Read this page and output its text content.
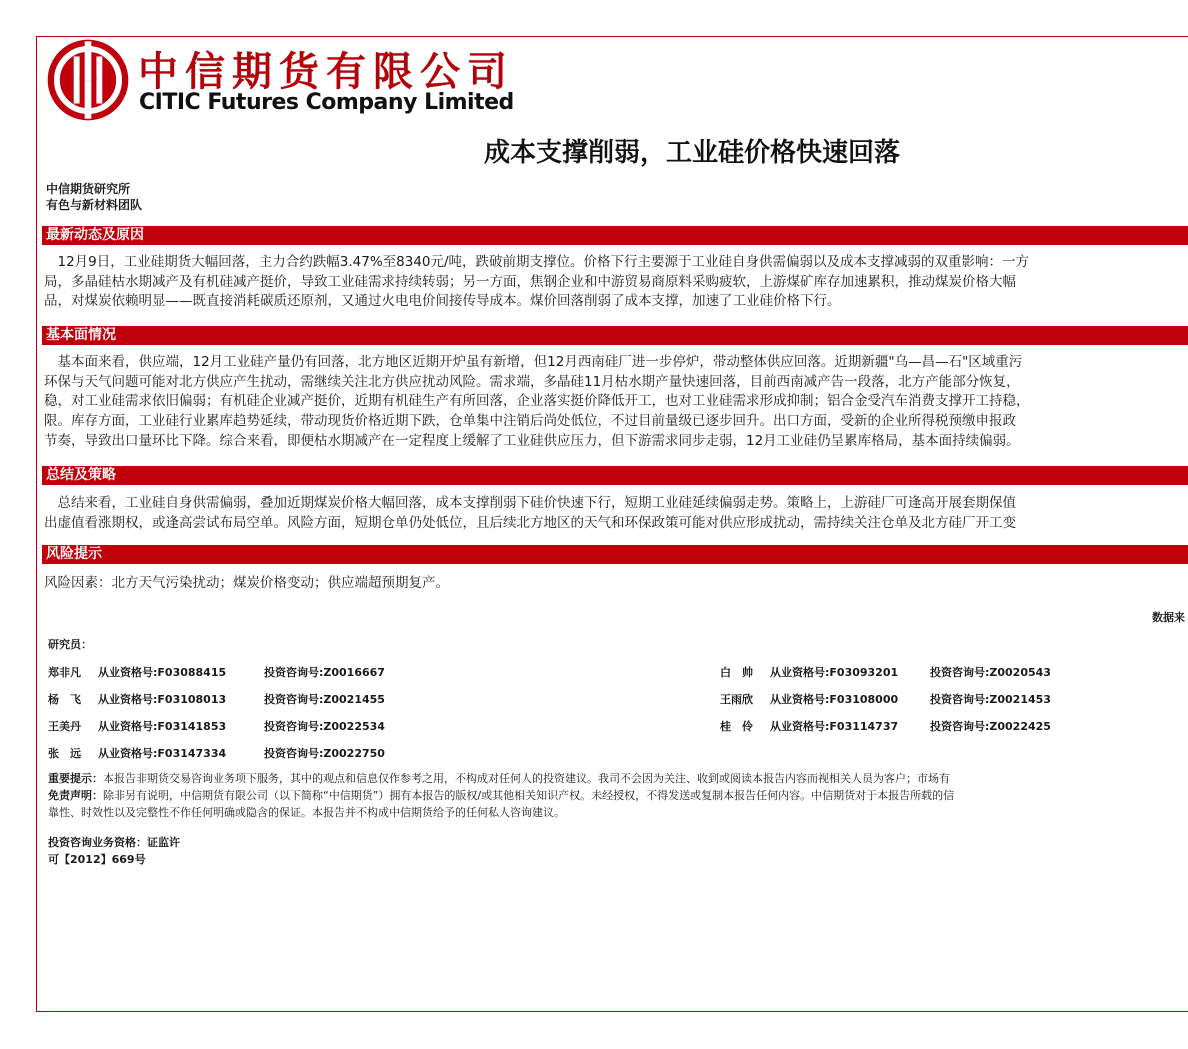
中信期货有限公司
CITIC Futures Company Limited
成本支撑削弱，工业硅价格快速回落
中信期货研究所
有色与新材料团队
最新动态及原因
　12月9日，工业硅期货大幅回落，主力合约跌幅3.47%至8340元/吨，跌破前期支撑位。价格下行主要源于工业硅自身供需偏弱以及成本支撑减弱的双重影响：一方
局，多晶硅枯水期减产及有机硅减产挺价，导致工业硅需求持续转弱；另一方面，焦钢企业和中游贸易商原料采购疲软，上游煤矿库存加速累积，推动煤炭价格大幅
品，对煤炭依赖明显——既直接消耗碳质还原剂，又通过火电电价间接传导成本。煤价回落削弱了成本支撑，加速了工业硅价格下行。
基本面情况
　基本面来看，供应端，12月工业硅产量仍有回落，北方地区近期开炉虽有新增，但12月西南硅厂进一步停炉，带动整体供应回落。近期新疆"乌—昌—石"区域重污
环保与天气问题可能对北方供应产生扰动，需继续关注北方供应扰动风险。需求端，多晶硅11月枯水期产量快速回落，目前西南减产告一段落，北方产能部分恢复，
稳，对工业硅需求依旧偏弱；有机硅企业减产挺价，近期有机硅生产有所回落，企业落实挺价降低开工，也对工业硅需求形成抑制；铝合金受汽车消费支撑开工持稳，
限。库存方面，工业硅行业累库趋势延续，带动现货价格近期下跌，仓单集中注销后尚处低位，不过目前量级已逐步回升。出口方面，受新的企业所得税预缴申报政
节奏，导致出口量环比下降。综合来看，即便枯水期减产在一定程度上缓解了工业硅供应压力，但下游需求同步走弱，12月工业硅仍呈累库格局，基本面持续偏弱。
总结及策略
　总结来看，工业硅自身供需偏弱，叠加近期煤炭价格大幅回落，成本支撑削弱下硅价快速下行，短期工业硅延续偏弱走势。策略上，上游硅厂可逢高开展套期保值
出虚值看涨期权，或逢高尝试布局空单。风险方面，短期仓单仍处低位，且后续北方地区的天气和环保政策可能对供应形成扰动，需持续关注仓单及北方硅厂开工变
风险提示
风险因素：北方天气污染扰动；煤炭价格变动；供应端超预期复产。
数据来
研究员：
郑非凡 从业资格号:F03088415	投资咨询号:Z0016667
杨　飞 从业资格号:F03108013	投资咨询号:Z0021455
王美丹 从业资格号:F03141853	投资咨询号:Z0022534
张　远 从业资格号:F03147334	投资咨询号:Z0022750
白　帅 从业资格号:F03093201	投资咨询号:Z0020543
王雨欣 从业资格号:F03108000	投资咨询号:Z0021453
桂　伶 从业资格号:F03114737	投资咨询号:Z0022425
重要提示：本报告非期货交易咨询业务项下服务，其中的观点和信息仅作参考之用，不构成对任何人的投资建议。我司不会因为关注、收到或阅读本报告内容而视相关人员为客户；市场有
免责声明：除非另有说明，中信期货有限公司（以下简称“中信期货”）拥有本报告的版权/或其他相关知识产权。未经授权，不得发送或复制本报告任何内容。中信期货对于本报告所载的信
靠性、时效性以及完整性不作任何明确或隐含的保证。本报告并不构成中信期货给予的任何私人咨询建议。
投资咨询业务资格：证监许
可【2012】669号
